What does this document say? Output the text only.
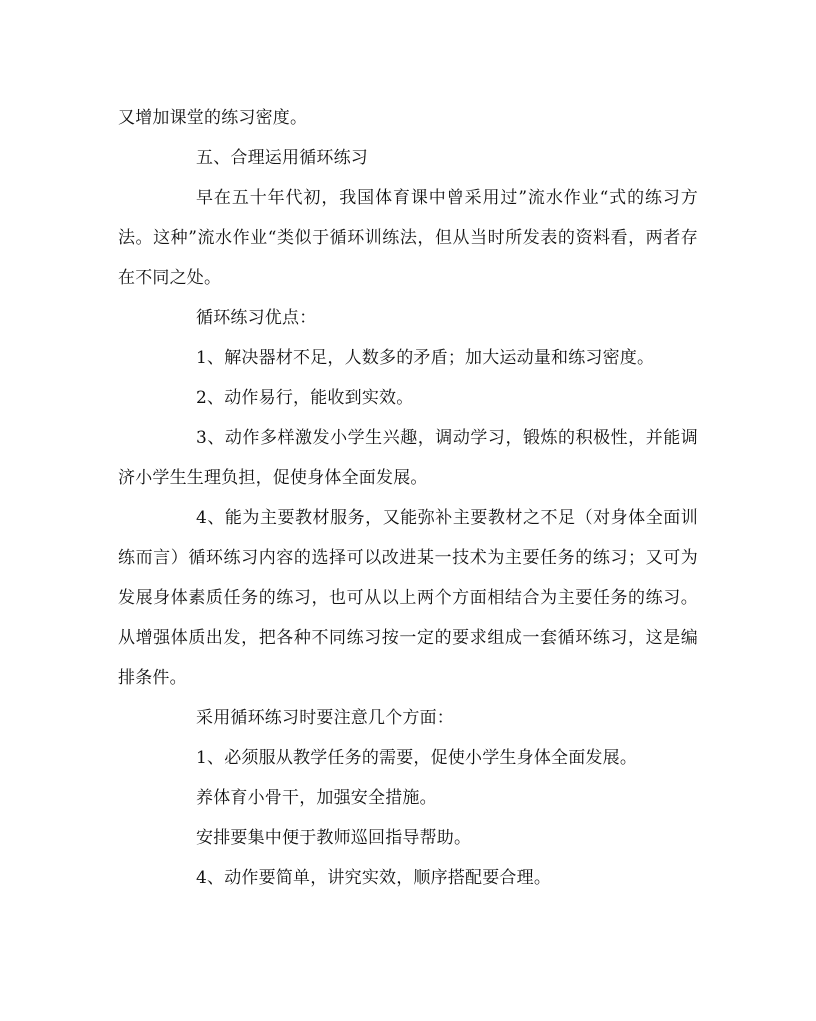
又增加课堂的练习密度。

五、合理运用循环练习

早在五十年代初，我国体育课中曾采用过”流水作业“式的练习方法。这种”流水作业“类似于循环训练法，但从当时所发表的资料看，两者存在不同之处。

循环练习优点：

1、解决器材不足，人数多的矛盾；加大运动量和练习密度。

2、动作易行，能收到实效。

3、动作多样激发小学生兴趣，调动学习，锻炼的积极性，并能调济小学生生理负担，促使身体全面发展。

4、能为主要教材服务，又能弥补主要教材之不足（对身体全面训练而言）循环练习内容的选择可以改进某一技术为主要任务的练习；又可为发展身体素质任务的练习，也可从以上两个方面相结合为主要任务的练习。从增强体质出发，把各种不同练习按一定的要求组成一套循环练习，这是编排条件。

采用循环练习时要注意几个方面：

1、必须服从教学任务的需要，促使小学生身体全面发展。

养体育小骨干，加强安全措施。

安排要集中便于教师巡回指导帮助。

4、动作要简单，讲究实效，顺序搭配要合理。
